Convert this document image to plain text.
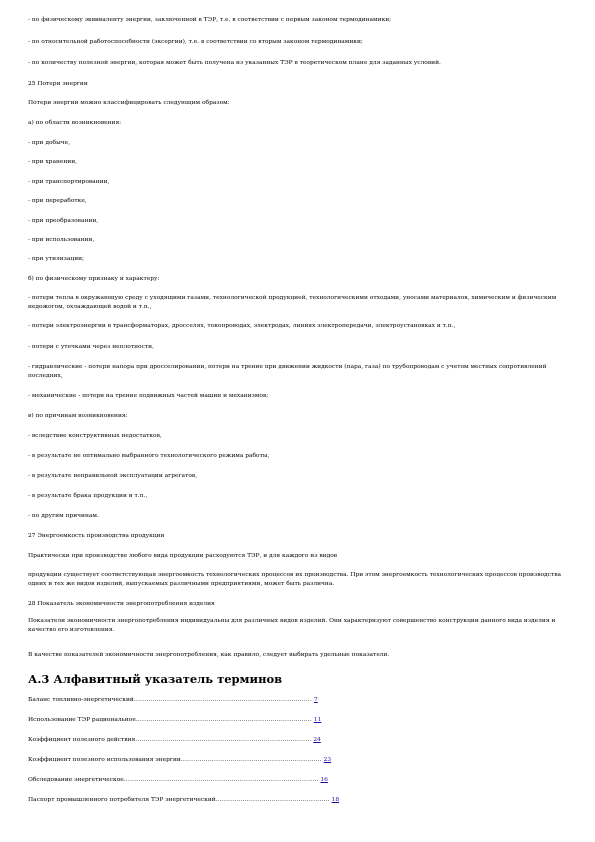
- по физическому эквиваленту энергии, заключенной в ТЭР, т.е. в соответствии с первым законом термодинамики;
- по относительной работоспособности (эксергии), т.е. в соответствии со вторым законом термодинамики;
- по количеству полезной энергии, которая может быть получена из указанных ТЭР в теоретическом плане для заданных условий.
25 Потери энергии
Потери энергии можно классифицировать следующим образом:
а) по области возникновения:
- при добыче,
- при хранении,
- при транспортировании,
- при переработке,
- при преобразовании,
- при использовании,
- при утилизации;
б) по физическому признаку и характеру:
- потери тепла в окружающую среду с уходящими газами, технологической продукцией, технологическими отходами, уносами материалов, химическим и физическим недожогом, охлаждающей водой и т.п.,
- потери электроэнергии в трансформаторах, дросселях, токопроводах, электродах, линиях электропередачи, электроустановках и т.п.,
- потери с утечками через неплотности,
- гидравлические - потери напора при дросселировании, потери на трение при движении жидкости (пара, газа) по трубопроводам с учетом местных сопротивлений последних,
- механические - потери на трение подвижных частей машин и механизмов;
в) по причинам возникновения:
- вследствие конструктивных недостатков,
- в результате не оптимально выбранного технологического режима работы,
- в результате неправильной эксплуатации агрегатов,
- в результате брака продукции и т.п.,
- по другим причинам.
27 Энергоемкость производства продукции
Практически при производстве любого вида продукции расходуются ТЭР, и для каждого из видов
продукции существует соответствующая энергоемкость технологических процессов их производства. При этом энергоемкость технологических процессов производства одних и тех же видов изделий, выпускаемых различными предприятиями, может быть различна.
28 Показатель экономичности энергопотребления изделия
Показатели экономичности энергопотребления индивидуальны для различных видов изделий. Они характеризуют совершенство конструкции данного вида изделия и качество его изготовления.
В качестве показателей экономичности энергопотребления, как правило, следует выбирать удельные показатели.
А.3 Алфавитный указатель терминов
Баланс топливно-энергетический...................................................................................... 7
Использование ТЭР рациональное..................................................................................... 11
Коэффициент полезного действия..................................................................................... 24
Коэффициент полезного использования энергии.................................................................... 23
Обследование энергетическое.............................................................................................. 16
Паспорт промышленного потребителя ТЭР энергетический....................................................... 18
